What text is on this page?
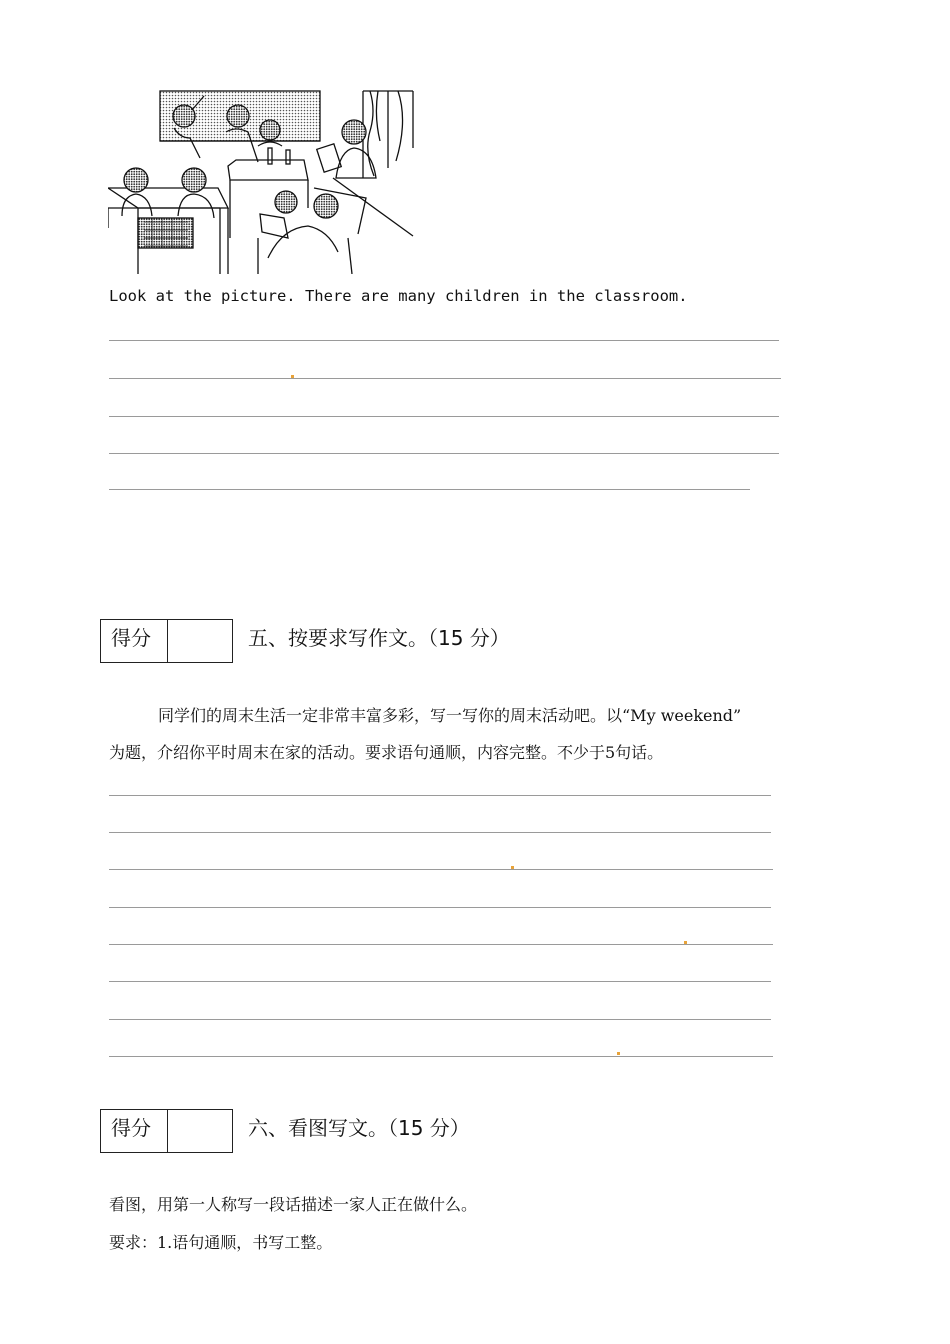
Look at the picture. There are many children in the classroom.
得分	五、按要求写作文。（15 分）
同学们的周末生活一定非常丰富多彩，写一写你的周末活动吧。以“My weekend”
为题，介绍你平时周末在家的活动。要求语句通顺，内容完整。不少于5句话。
得分	六、看图写文。（15 分）
看图，用第一人称写一段话描述一家人正在做什么。
要求：1.语句通顺，书写工整。
